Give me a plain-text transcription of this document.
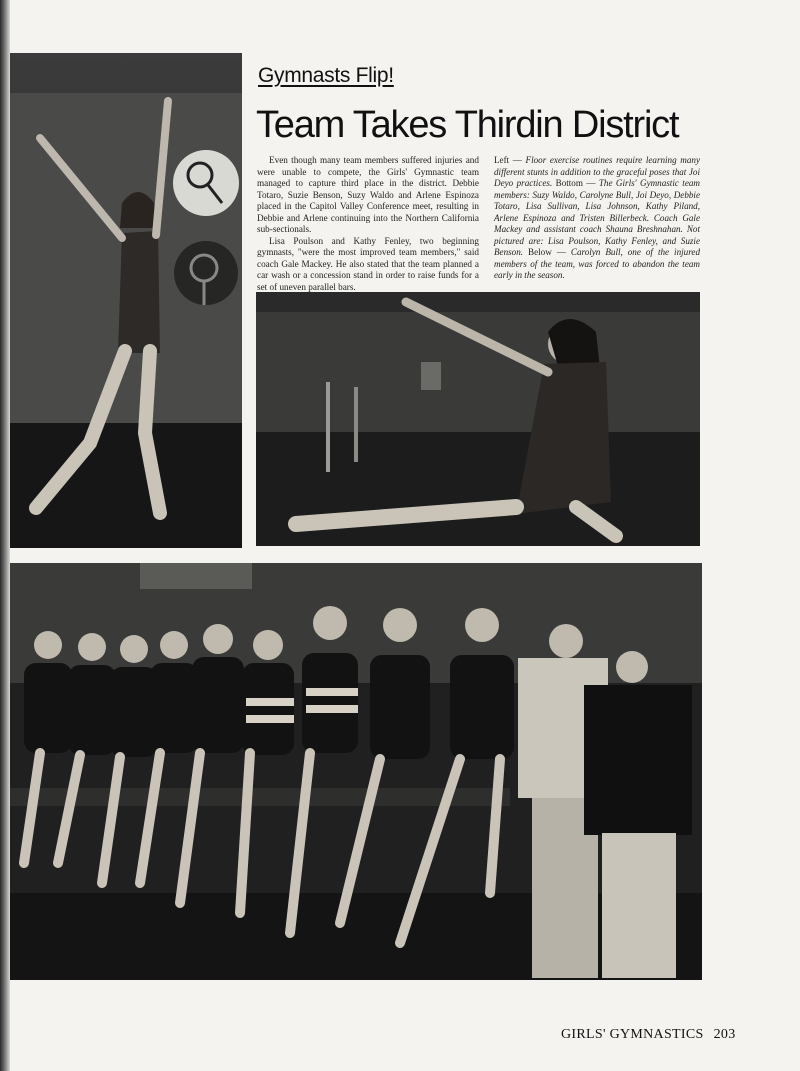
Gymnasts Flip!
Team Takes Thirdin District

Even though many team members suffered injuries and were unable to compete, the Girls' Gymnastic team managed to capture third place in the district. Debbie Totaro, Suzie Benson, Suzy Waldo and Arlene Espinoza placed in the Capitol Valley Conference meet, resulting in Debbie and Arlene continuing into the Northern California sub-sectionals.

Lisa Poulson and Kathy Fenley, two beginning gymnasts, "were the most improved team members," said coach Gale Mackey. He also stated that the team planned a car wash or a concession stand in order to raise funds for a set of uneven parallel bars.

Left — Floor exercise routines require learning many different stunts in addition to the graceful poses that Joi Deyo practices. Bottom — The Girls' Gymnastic team members: Suzy Waldo, Carolyne Bull, Joi Deyo, Debbie Totaro, Lisa Sullivan, Lisa Johnson, Kathy Piland, Arlene Espinoza and Tristen Billerbeck. Coach Gale Mackey and assistant coach Shauna Breshnahan. Not pictured are: Lisa Poulson, Kathy Fenley, and Suzie Benson. Below — Carolyn Bull, one of the injured members of the team, was forced to abandon the team early in the season.
GIRLS' GYMNASTICS 203
